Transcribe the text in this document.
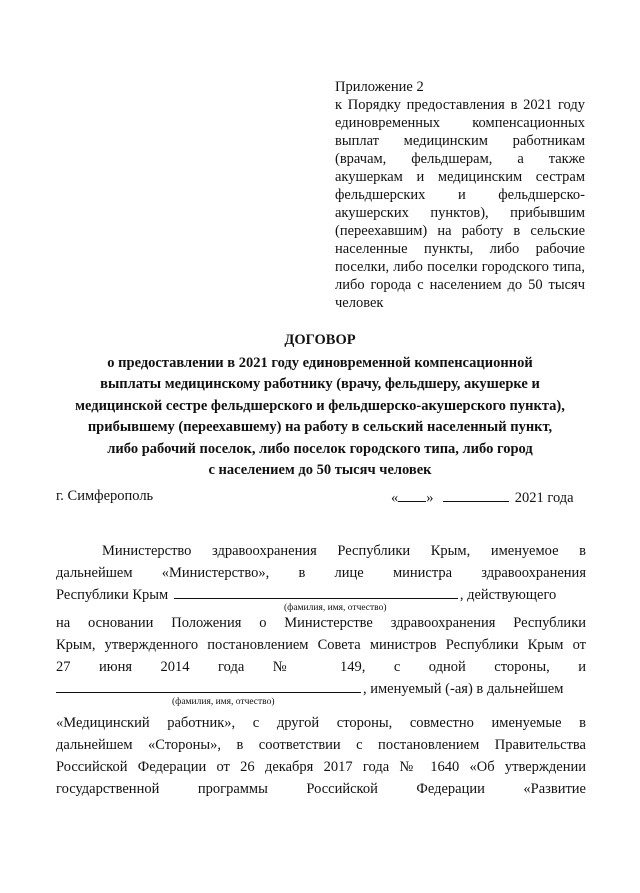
Приложение 2
к Порядку предоставления в 2021 году
единовременных компенсационных
выплат медицинским работникам
(врачам, фельдшерам, а также
акушеркам и медицинским сестрам
фельдшерских и фельдшерско-
акушерских пунктов), прибывшим
(переехавшим) на работу в сельские
населенные пункты, либо рабочие
поселки, либо поселки городского типа,
либо города с населением до 50 тысяч
человек
ДОГОВОР
о предоставлении в 2021 году единовременной компенсационной
выплаты медицинскому работнику (врачу, фельдшеру, акушерке и
медицинской сестре фельдшерского и фельдшерско-акушерского пункта),
прибывшему (переехавшему) на работу в сельский населенный пункт,
либо рабочий поселок, либо поселок городского типа, либо город
с населением до 50 тысяч человек
г. Симферополь	« »	2021 года
Министерство здравоохранения Республики Крым, именуемое в
дальнейшем «Министерство», в лице министра здравоохранения
Республики Крым	, действующего
(фамилия, имя, отчество)
на основании Положения о Министерстве здравоохранения Республики
Крым, утвержденного постановлением Совета министров Республики Крым от
27 июня 2014 года № 149, с одной стороны, и
, именуемый (-ая) в дальнейшем
(фамилия, имя, отчество)
«Медицинский работник», с другой стороны, совместно именуемые в
дальнейшем «Стороны», в соответствии с постановлением Правительства
Российской Федерации от 26 декабря 2017 года № 1640 «Об утверждении
государственной программы Российской Федерации «Развитие
